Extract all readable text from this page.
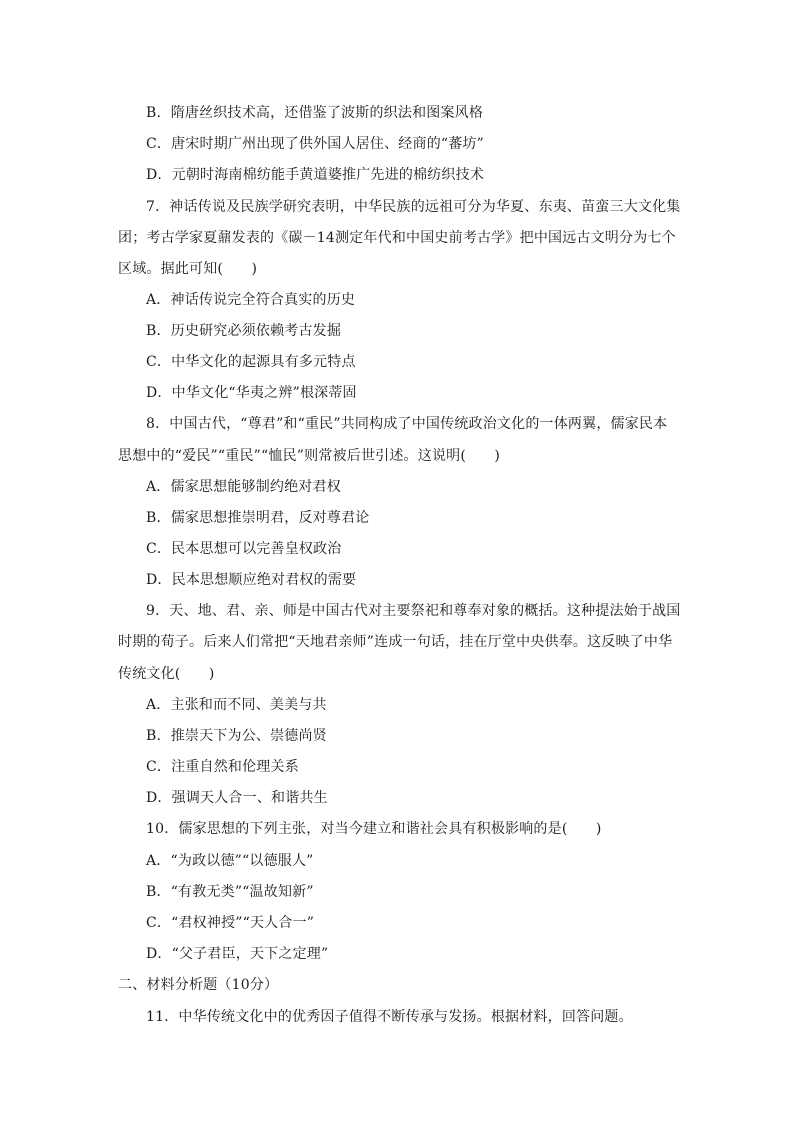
B．隋唐丝织技术高，还借鉴了波斯的织法和图案风格
C．唐宋时期广州出现了供外国人居住、经商的“蕃坊”
D．元朝时海南棉纺能手黄道婆推广先进的棉纺织技术
7．神话传说及民族学研究表明，中华民族的远祖可分为华夏、东夷、苗蛮三大文化集
团；考古学家夏鼐发表的《碳－14测定年代和中国史前考古学》把中国远古文明分为七个
区域。据此可知(　　)
A．神话传说完全符合真实的历史
B．历史研究必须依赖考古发掘
C．中华文化的起源具有多元特点
D．中华文化“华夷之辨”根深蒂固
8．中国古代，“尊君”和“重民”共同构成了中国传统政治文化的一体两翼，儒家民本
思想中的“爱民”“重民”“恤民”则常被后世引述。这说明(　　)
A．儒家思想能够制约绝对君权
B．儒家思想推崇明君，反对尊君论
C．民本思想可以完善皇权政治
D．民本思想顺应绝对君权的需要
9．天、地、君、亲、师是中国古代对主要祭祀和尊奉对象的概括。这种提法始于战国
时期的荀子。后来人们常把“天地君亲师”连成一句话，挂在厅堂中央供奉。这反映了中华
传统文化(　　)
A．主张和而不同、美美与共
B．推崇天下为公、崇德尚贤
C．注重自然和伦理关系
D．强调天人合一、和谐共生
10．儒家思想的下列主张，对当今建立和谐社会具有积极影响的是(　　)
A．“为政以德”“以德服人”
B．“有教无类”“温故知新”
C．“君权神授”“天人合一”
D．“父子君臣，天下之定理”
二、材料分析题（10分）
11．中华传统文化中的优秀因子值得不断传承与发扬。根据材料，回答问题。
